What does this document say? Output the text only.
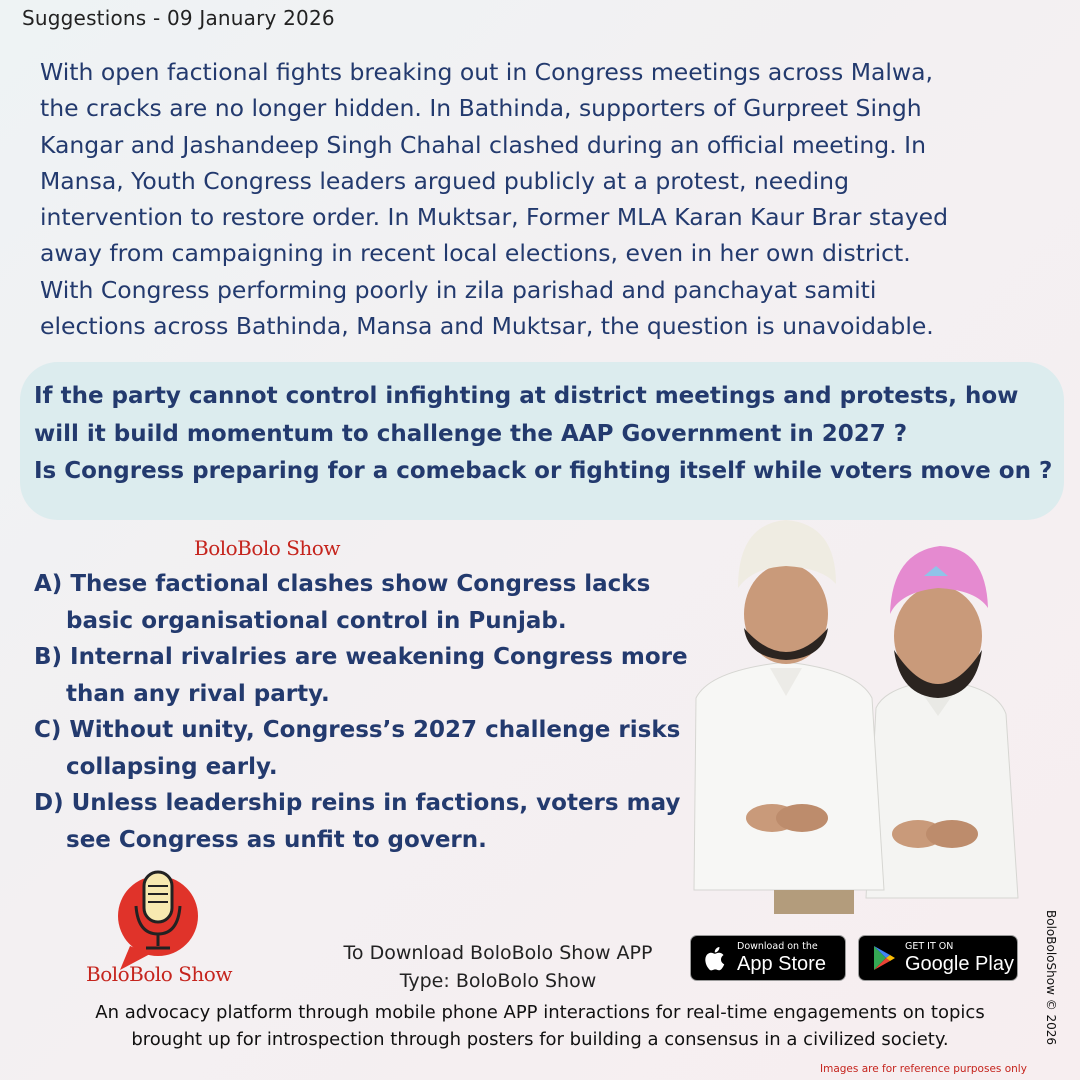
Suggestions - 09 January 2026

With open factional fights breaking out in Congress meetings across Malwa,

the cracks are no longer hidden. In Bathinda, supporters of Gurpreet Singh

Kangar and Jashandeep Singh Chahal clashed during an official meeting. In

Mansa, Youth Congress leaders argued publicly at a protest, needing

intervention to restore order. In Muktsar, Former MLA Karan Kaur Brar stayed

away from campaigning in recent local elections, even in her own district.

With Congress performing poorly in zila parishad and panchayat samiti

elections across Bathinda, Mansa and Muktsar, the question is unavoidable.

If the party cannot control infighting at district meetings and protests, how

will it build momentum to challenge the AAP Government in 2027 ?

Is Congress preparing for a comeback or fighting itself while voters move on ?

BoloBolo Show

A) These factional clashes show Congress lacks basic organisational control in Punjab.

B) Internal rivalries are weakening Congress more than any rival party.

C) Without unity, Congress’s 2027 challenge risks collapsing early.

D) Unless leadership reins in factions, voters may see Congress as unfit to govern.

BoloBolo Show
To Download BoloBolo Show APP
Type: BoloBolo Show
Download on the
App Store
GET IT ON
Google Play

An advocacy platform through mobile phone APP interactions for real-time engagements on topics

brought up for introspection through posters for building a consensus in a civilized society.

Images are for reference purposes only
BoloBoloShow © 2026
